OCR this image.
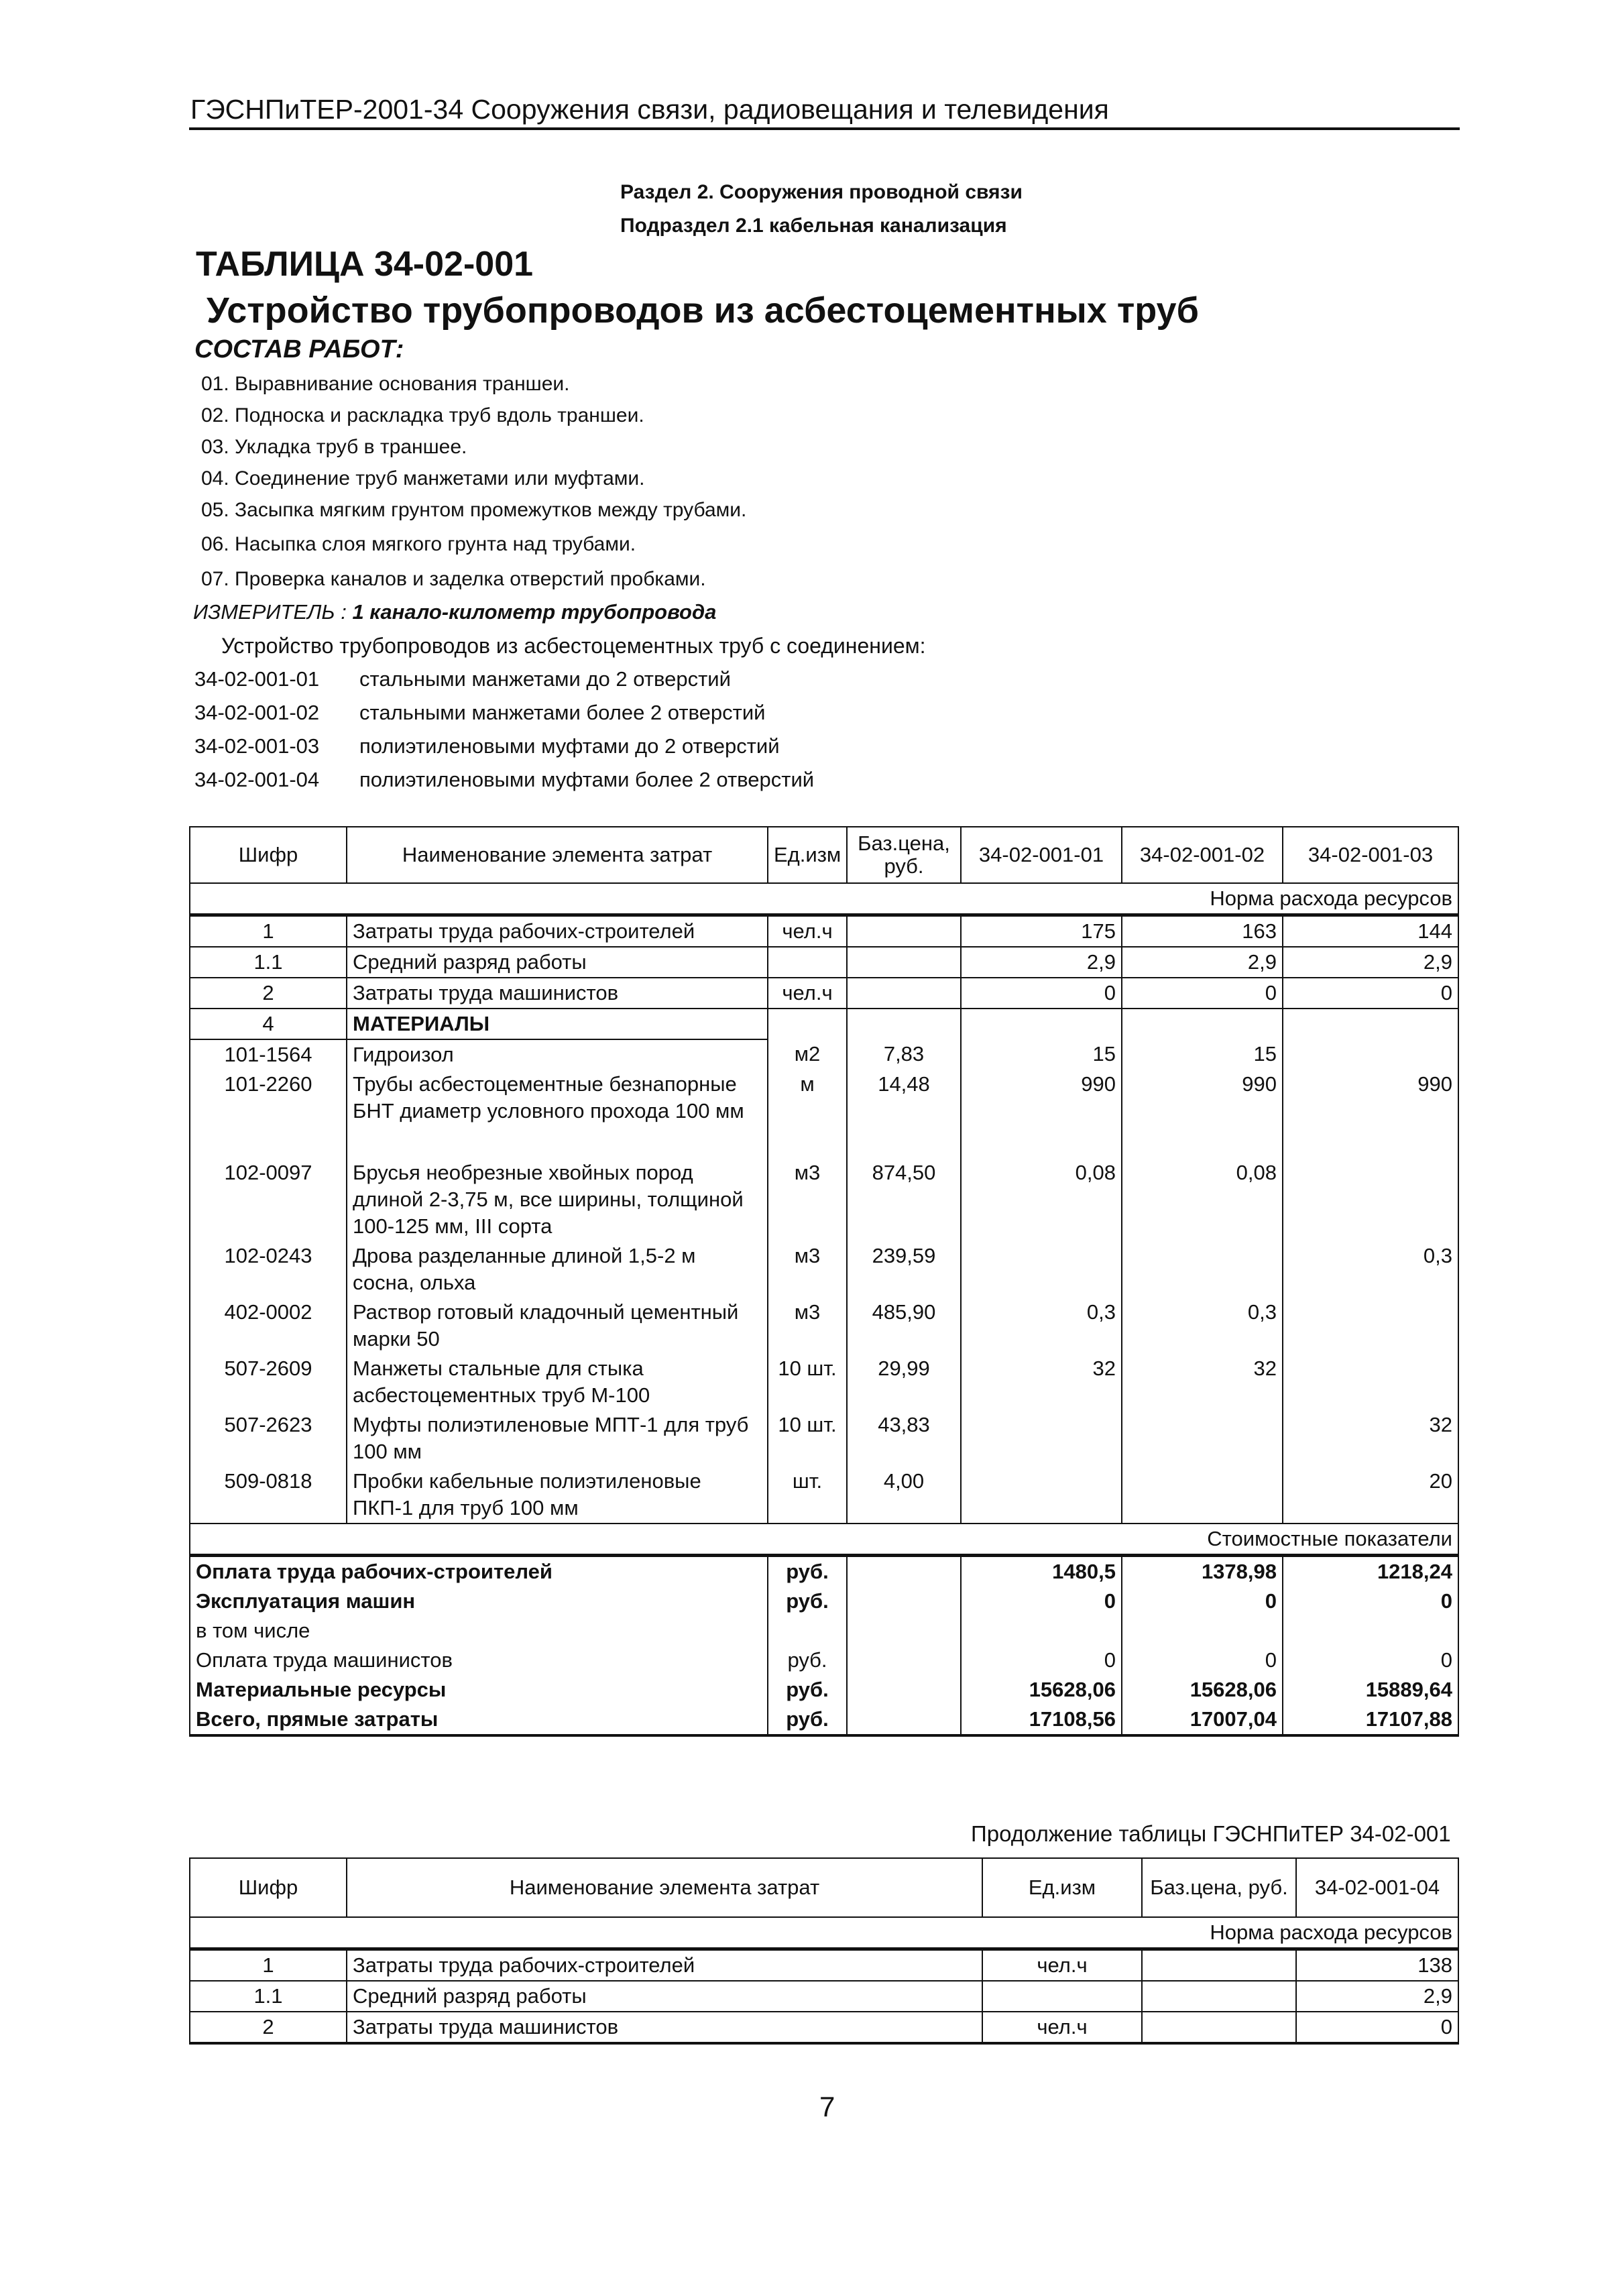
ГЭСНПиТЕР-2001-34 Сооружения связи, радиовещания и телевидения
Раздел 2. Сооружения проводной связи
Подраздел 2.1 кабельная канализация
ТАБЛИЦА 34-02-001
Устройство трубопроводов из асбестоцементных труб
СОСТАВ РАБОТ:
01. Выравнивание основания траншеи.
02. Подноска и раскладка труб вдоль траншеи.
03. Укладка труб в траншее.
04. Соединение труб манжетами или муфтами.
05. Засыпка мягким грунтом промежутков между трубами.
06. Насыпка слоя мягкого грунта над трубами.
07. Проверка каналов и заделка отверстий пробками.
ИЗМЕРИТЕЛЬ : 1 канало-километр трубопровода
Устройство трубопроводов из асбестоцементных труб с соединением:
34-02-001-01 стальными манжетами до 2 отверстий
34-02-001-02 стальными манжетами более 2 отверстий
34-02-001-03 полиэтиленовыми муфтами до 2 отверстий
34-02-001-04 полиэтиленовыми муфтами более 2 отверстий
Шифр	Наименование элемента затрат	Ед.изм	Баз.цена, руб.	34-02-001-01	34-02-001-02	34-02-001-03
Норма расхода ресурсов						
1	Затраты труда рабочих-строителей	чел.ч		175	163	144
1.1	Средний разряд работы			2,9	2,9	2,9
2	Затраты труда машинистов	чел.ч		0	0	0
4	МАТЕРИАЛЫ					
101-1564	Гидроизол	м2	7,83	15	15	
101-2260	Трубы асбестоцементные безнапорные БНТ диаметр условного прохода 100 мм	м	14,48	990	990	990
102-0097	Брусья необрезные хвойных пород длиной 2-3,75 м, все ширины, толщиной 100-125 мм, III сорта	м3	874,50	0,08	0,08	
102-0243	Дрова разделанные длиной 1,5-2 м сосна, ольха	м3	239,59			0,3
402-0002	Раствор готовый кладочный цементный марки 50	м3	485,90	0,3	0,3	
507-2609	Манжеты стальные для стыка асбестоцементных труб М-100	10 шт.	29,99	32	32	
507-2623	Муфты полиэтиленовые МПТ-1 для труб 100 мм	10 шт.	43,83			32
509-0818	Пробки кабельные полиэтиленовые ПКП-1 для труб 100 мм	шт.	4,00			20
Стоимостные показатели						
Оплата труда рабочих-строителей		руб.		1480,5	1378,98	1218,24
Эксплуатация машин		руб.		0	0	0
в том числе						
Оплата труда машинистов		руб.		0	0	0
Материальные ресурсы		руб.		15628,06	15628,06	15889,64
Всего, прямые затраты		руб.		17108,56	17007,04	17107,88
Продолжение таблицы ГЭСНПиТЕР 34-02-001
Шифр	Наименование элемента затрат	Ед.изм	Баз.цена, руб.	34-02-001-04
Норма расхода ресурсов				
1	Затраты труда рабочих-строителей	чел.ч		138
1.1	Средний разряд работы			2,9
2	Затраты труда машинистов	чел.ч		0
7
